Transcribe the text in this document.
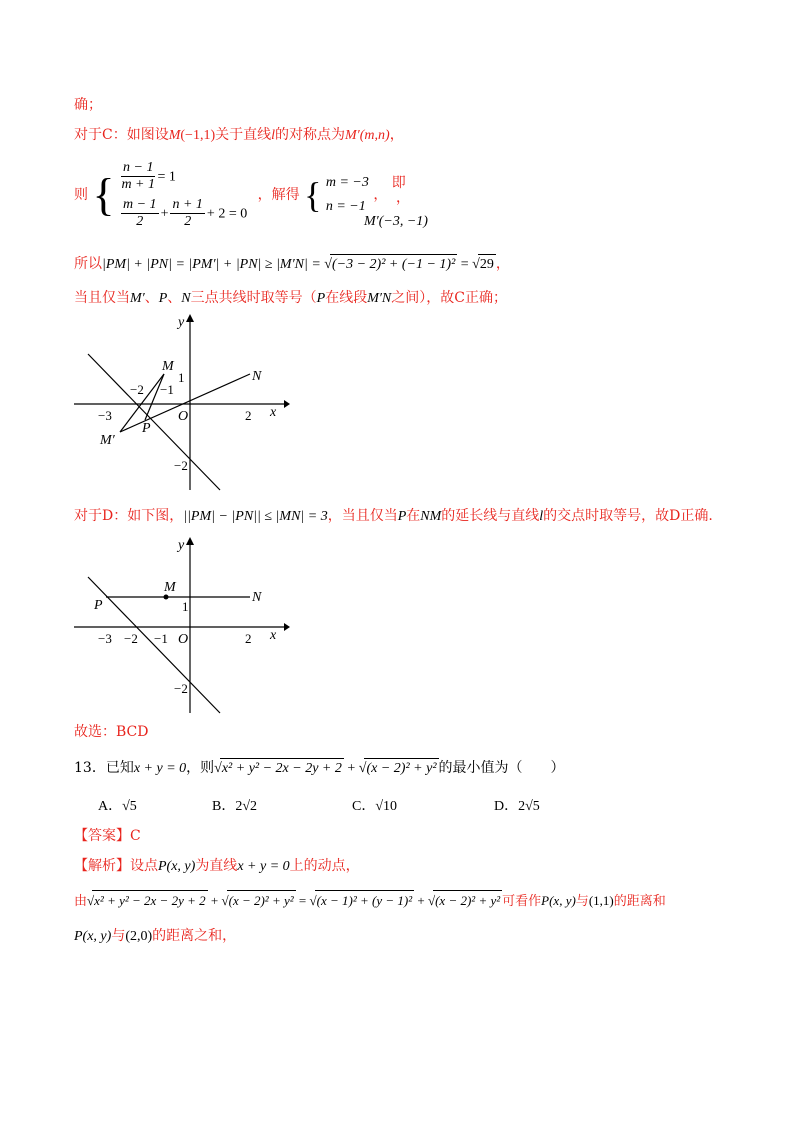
确；
对于C：如图设M(−1,1)关于直线l的对称点为M′(m,n)，
则 { $\frac{n - 1}{m + 1} = 1$
$\frac{m - 1}{2} + \frac{n + 1}{2} + 2 = 0$
，解得 { m = −3
n = −1
， 即
M′(−3, −1)
，
所以|PM| + |PN| = |PM′| + |PN| ≥ |M′N| = √(−3 − 2)² + (−1 − 1)² = √29 ，
当且仅当M′、P、N三点共线时取等号（P在线段M′N之间），故C正确；
x
y
O
−3
−2 −1
1
2
−2
M
N
P
M′
对于D：如下图，||PM| − |PN|| ≤ |MN| = 3，当且仅当P在NM的延长线与直线l的交点时取等号，故D正确.
x
y
O
−3 −2 −1
1
2
−2
M
N
P
故选：BCD
13．已知x + y = 0，则√x² + y² − 2x − 2y + 2 + √(x − 2)² + y² 的最小值为（　　）
A．√5	B．2√2	C．√10	D．2√5
【答案】C
【解析】设点P(x, y)为直线x + y = 0上的动点，
由√x² + y² − 2x − 2y + 2 + √(x − 2)² + y² = √(x − 1)² + (y − 1)² + √(x − 2)² + y² 可看作P(x, y)与(1,1)的距离和
P(x, y)与(2,0)的距离之和，
